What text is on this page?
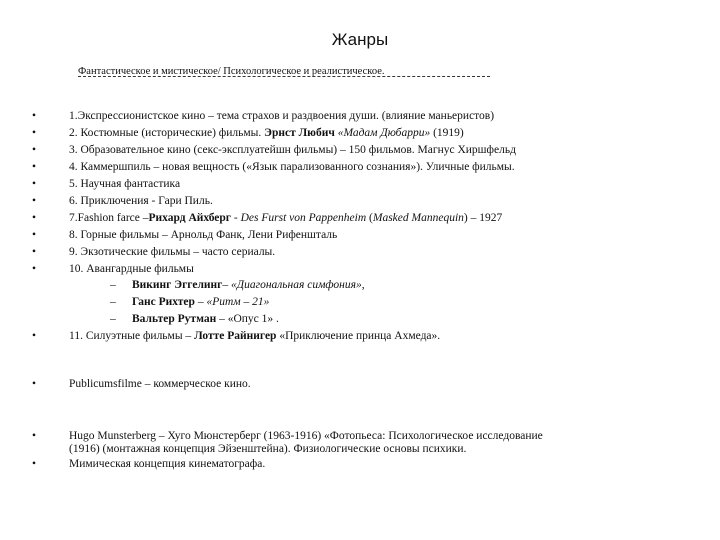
Жанры
Фантастическое и мистическое/ Психологическое и реалистическое.
•	1.Экспрессионистское кино – тема страхов и раздвоения души. (влияние маньеристов)
•	2. Костюмные (исторические) фильмы. Эрнст Любич «Мадам Дюбарри» (1919)
•	3. Образовательное кино (секс-эксплуатейшн фильмы) – 150 фильмов. Магнус Хиршфельд
•	4. Каммершпиль – новая вещность («Язык парализованного сознания»). Уличные фильмы.
•	5. Научная фантастика
•	6. Приключения - Гари Пиль.
•	7.Fashion farce –Рихард Айхберг - Des Furst von Pappenheim (Masked Mannequin) – 1927
•	8. Горные фильмы – Арнольд Фанк, Лени Рифеншталь
•	9. Экзотические фильмы – часто сериалы.
•	10. Авангардные фильмы
– Викинг Эггелинг– «Диагональная симфония»,
– Ганс Рихтер – «Ритм – 21»
– Вальтер Рутман – «Опус 1» .
•	11. Силуэтные фильмы – Лотте Райнигер «Приключение принца Ахмеда».
•	Publicumsfilme – коммерческое кино.
•	Hugo Munsterberg – Хуго Мюнстерберг (1963-1916) «Фотопьеса: Психологическое исследование
(1916) (монтажная концепция Эйзенштейна). Физиологические основы психики.
•	Мимическая концепция кинематографа.
